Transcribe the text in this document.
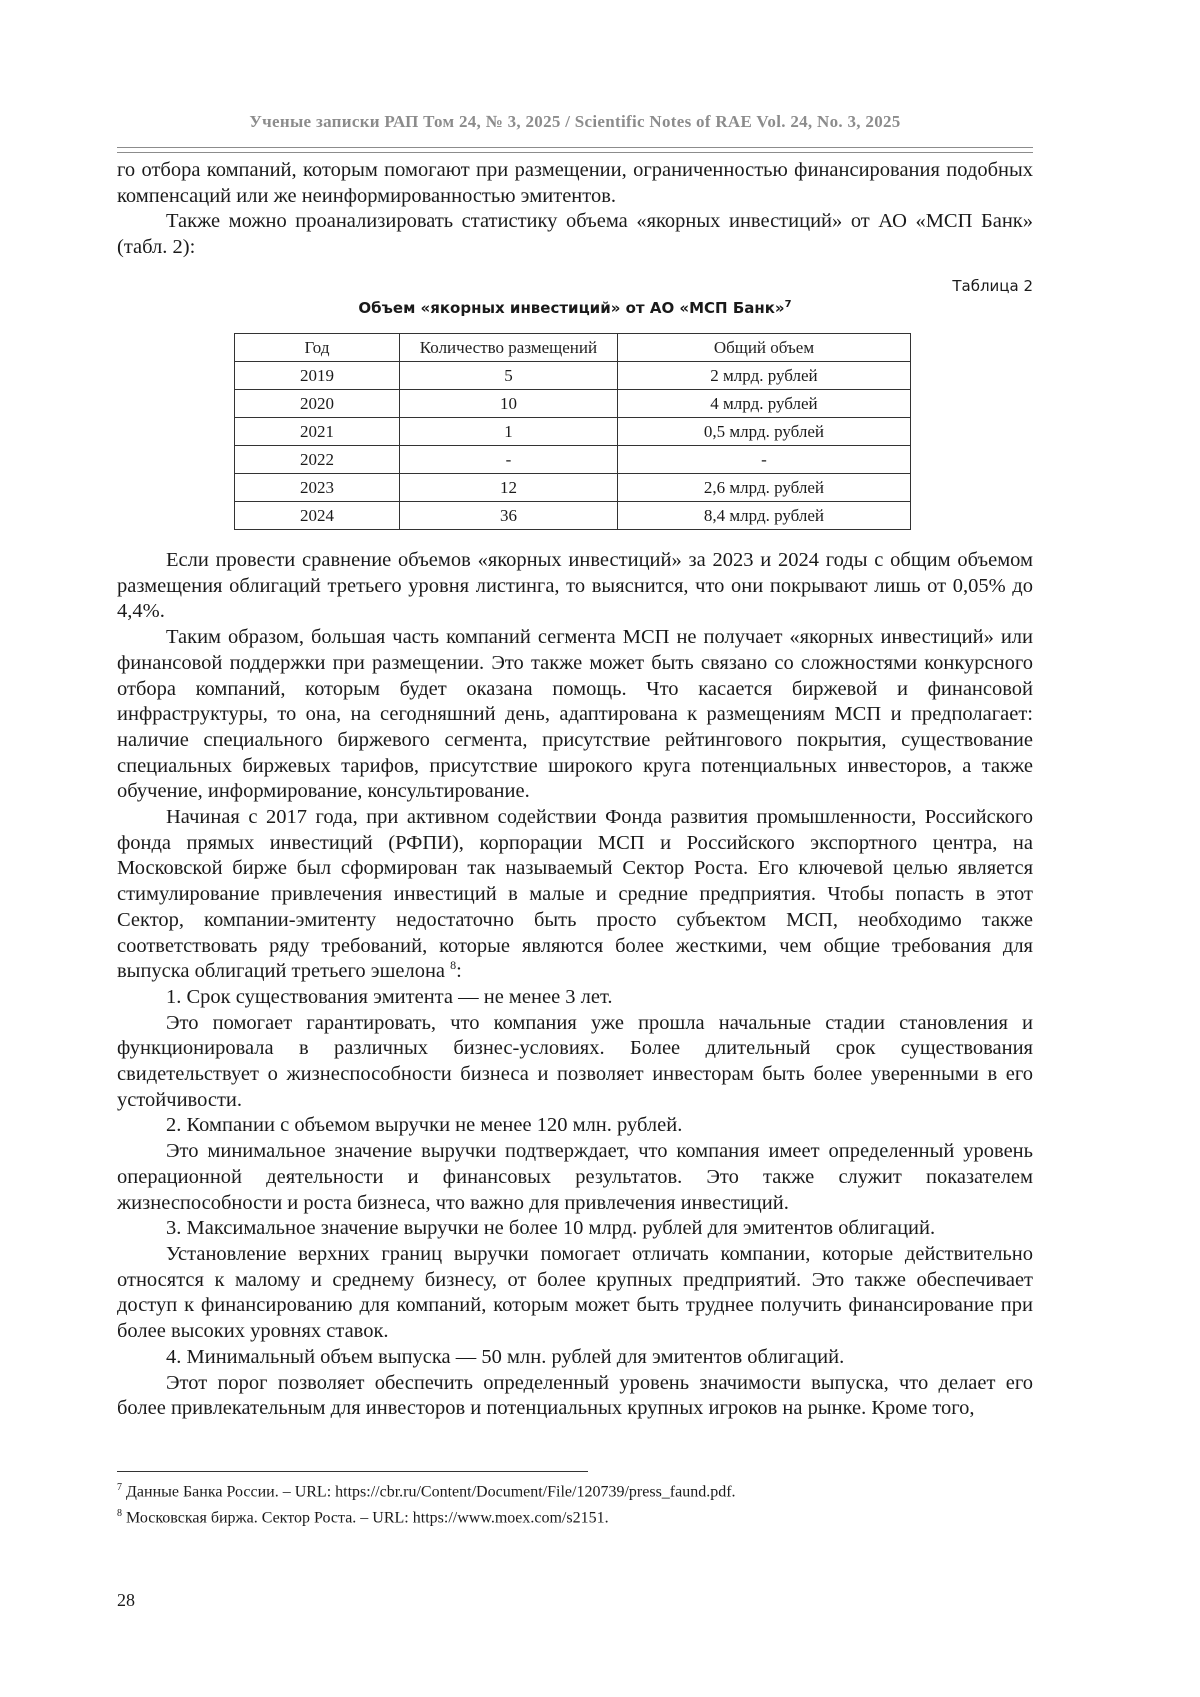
Ученые записки РАП Том 24, № 3, 2025 / Scientific Notes of RAE Vol. 24, No. 3, 2025

го отбора компаний, которым помогают при размещении, ограниченностью финансирования подобных компенсаций или же неинформированностью эмитентов.

Также можно проанализировать статистику объема «якорных инвестиций» от АО «МСП Банк» (табл. 2):

Таблица 2
Объем «якорных инвестиций» от АО «МСП Банк»$^7$
Год	Количество размещений	Общий объем
2019	5	2 млрд. рублей
2020	10	4 млрд. рублей
2021	1	0,5 млрд. рублей
2022	-	-
2023	12	2,6 млрд. рублей
2024	36	8,4 млрд. рублей

Если провести сравнение объемов «якорных инвестиций» за 2023 и 2024 годы с общим объемом размещения облигаций третьего уровня листинга, то выяснится, что они покрывают лишь от 0,05% до 4,4%.

Таким образом, большая часть компаний сегмента МСП не получает «якорных инвестиций» или финансовой поддержки при размещении. Это также может быть связано со сложностями конкурсного отбора компаний, которым будет оказана помощь. Что касается биржевой и финансовой инфраструктуры, то она, на сегодняшний день, адаптирована к размещениям МСП и предполагает: наличие специального биржевого сегмента, присутствие рейтингового покрытия, существование специальных биржевых тарифов, присутствие широкого круга потенциальных инвесторов, а также обучение, информирование, консультирование.

Начиная с 2017 года, при активном содействии Фонда развития промышленности, Российского фонда прямых инвестиций (РФПИ), корпорации МСП и Российского экспортного центра, на Московской бирже был сформирован так называемый Сектор Роста. Его ключевой целью является стимулирование привлечения инвестиций в малые и средние предприятия. Чтобы попасть в этот Сектор, компании-эмитенту недостаточно быть просто субъектом МСП, необходимо также соответствовать ряду требований, которые являются более жесткими, чем общие требования для выпуска облигаций третьего эшелона $^8$:

1. Срок существования эмитента — не менее 3 лет.

Это помогает гарантировать, что компания уже прошла начальные стадии становления и функционировала в различных бизнес-условиях. Более длительный срок существования свидетельствует о жизнеспособности бизнеса и позволяет инвесторам быть более уверенными в его устойчивости.

2. Компании с объемом выручки не менее 120 млн. рублей.

Это минимальное значение выручки подтверждает, что компания имеет определенный уровень операционной деятельности и финансовых результатов. Это также служит показателем жизнеспособности и роста бизнеса, что важно для привлечения инвестиций.

3. Максимальное значение выручки не более 10 млрд. рублей для эмитентов облигаций.

Установление верхних границ выручки помогает отличать компании, которые действительно относятся к малому и среднему бизнесу, от более крупных предприятий. Это также обеспечивает доступ к финансированию для компаний, которым может быть труднее получить финансирование при более высоких уровнях ставок.

4. Минимальный объем выпуска — 50 млн. рублей для эмитентов облигаций.

Этот порог позволяет обеспечить определенный уровень значимости выпуска, что делает его более привлекательным для инвесторов и потенциальных крупных игроков на рынке. Кроме того,

$^7$ Данные Банка России. – URL: https://cbr.ru/Content/Document/File/120739/press_faund.pdf.
$^8$ Московская биржа. Сектор Роста. – URL: https://www.moex.com/s2151.
28
